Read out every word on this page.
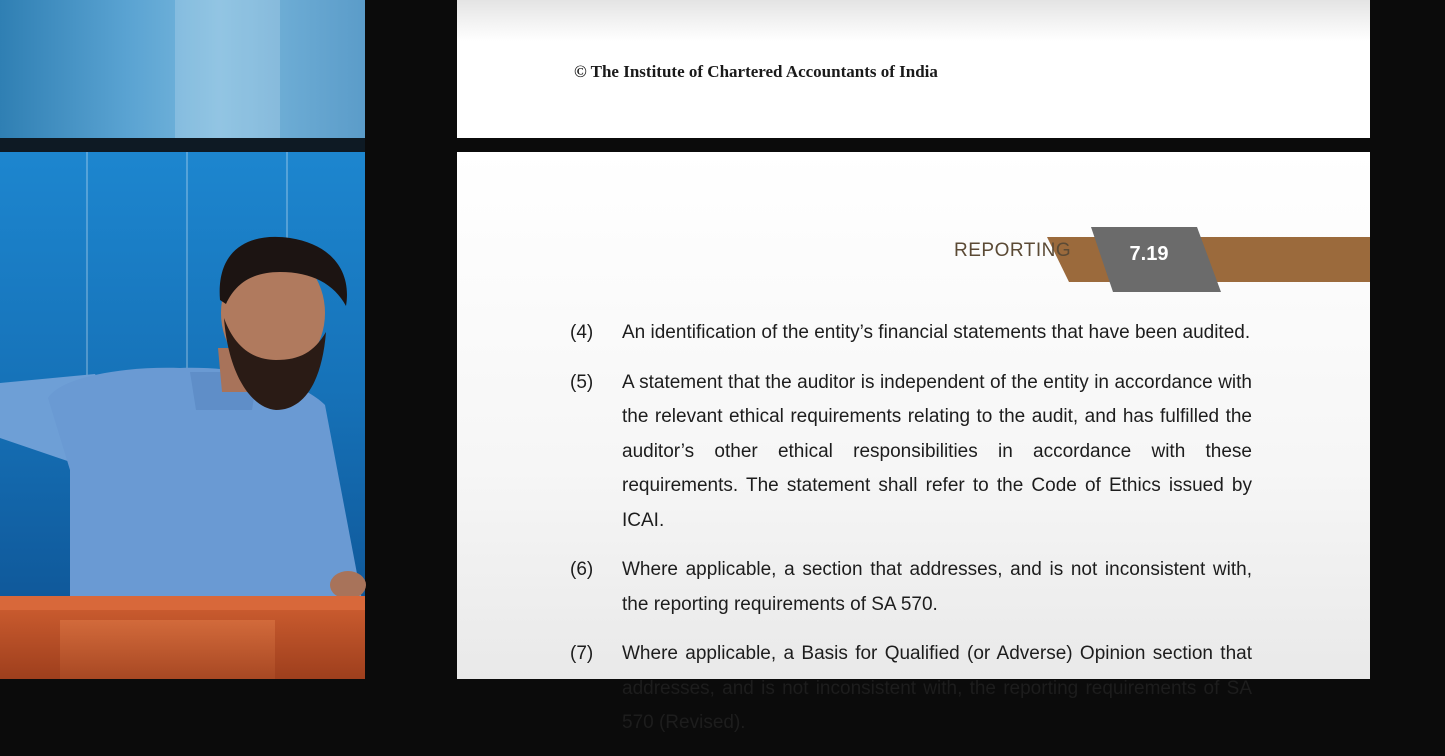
© The Institute of Chartered Accountants of India
REPORTING	7.19
(4) An identification of the entity’s financial statements that have been audited.
(5) A statement that the auditor is independent of the entity in accordance with the relevant ethical requirements relating to the audit, and has fulfilled the auditor’s other ethical responsibilities in accordance with these requirements. The statement shall refer to the Code of Ethics issued by ICAI.
(6) Where applicable, a section that addresses, and is not inconsistent with, the reporting requirements of SA 570.
(7) Where applicable, a Basis for Qualified (or Adverse) Opinion section that addresses, and is not inconsistent with, the reporting requirements of SA 570 (Revised).
